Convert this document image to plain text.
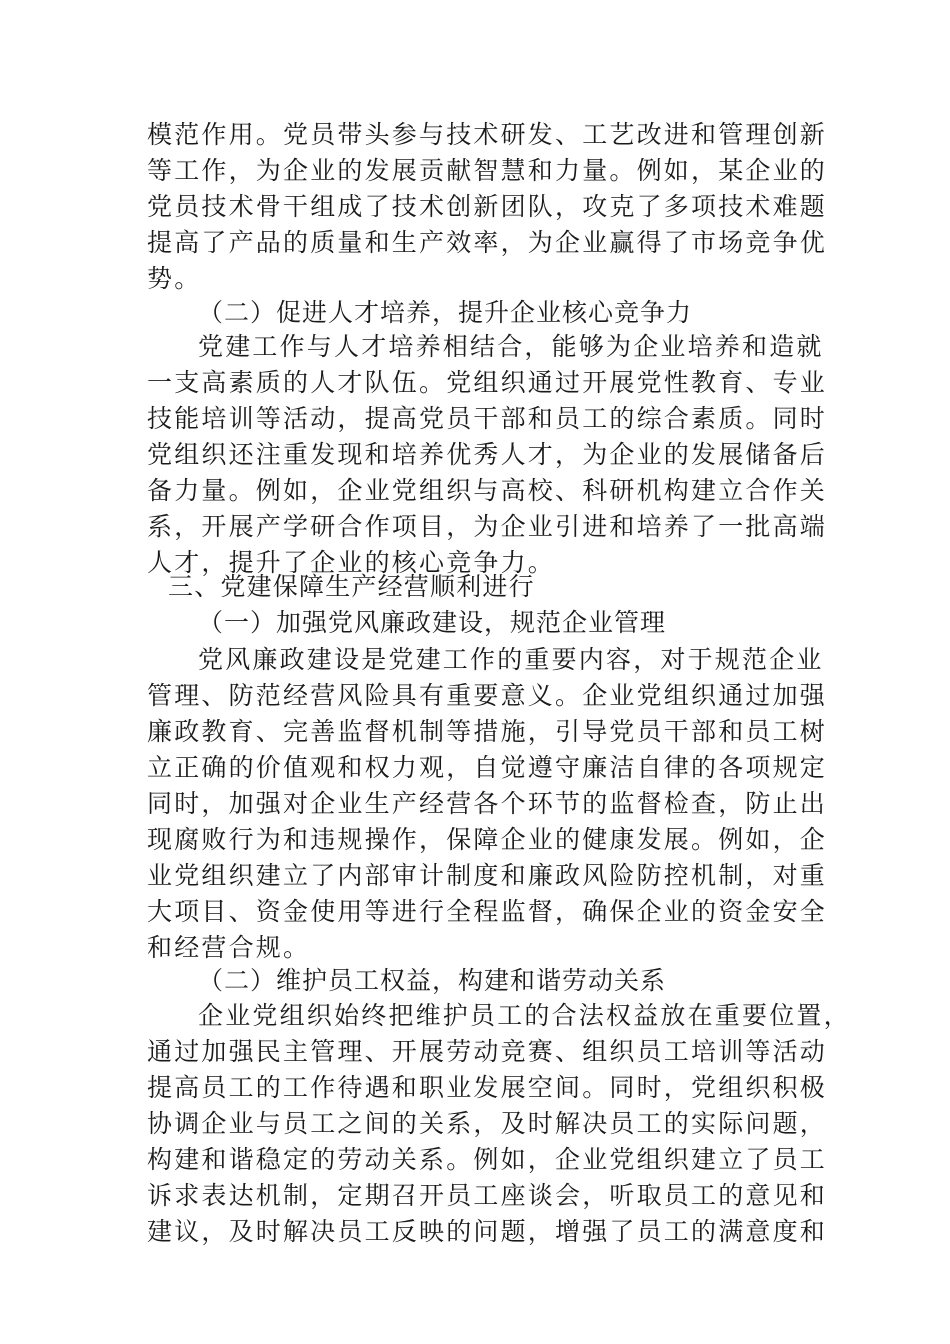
模范作用。党员带头参与技术研发、工艺改进和管理创新
等工作，为企业的发展贡献智慧和力量。例如，某企业的
党员技术骨干组成了技术创新团队，攻克了多项技术难题
提高了产品的质量和生产效率，为企业赢得了市场竞争优
势。
（二）促进人才培养，提升企业核心竞争力
党建工作与人才培养相结合，能够为企业培养和造就
一支高素质的人才队伍。党组织通过开展党性教育、专业
技能培训等活动，提高党员干部和员工的综合素质。同时
党组织还注重发现和培养优秀人才，为企业的发展储备后
备力量。例如，企业党组织与高校、科研机构建立合作关
系，开展产学研合作项目，为企业引进和培养了一批高端
人才，提升了企业的核心竞争力。
三、党建保障生产经营顺利进行
（一）加强党风廉政建设，规范企业管理
党风廉政建设是党建工作的重要内容，对于规范企业
管理、防范经营风险具有重要意义。企业党组织通过加强
廉政教育、完善监督机制等措施，引导党员干部和员工树
立正确的价值观和权力观，自觉遵守廉洁自律的各项规定
同时，加强对企业生产经营各个环节的监督检查，防止出
现腐败行为和违规操作，保障企业的健康发展。例如，企
业党组织建立了内部审计制度和廉政风险防控机制，对重
大项目、资金使用等进行全程监督，确保企业的资金安全
和经营合规。
（二）维护员工权益，构建和谐劳动关系
企业党组织始终把维护员工的合法权益放在重要位置，
通过加强民主管理、开展劳动竞赛、组织员工培训等活动
提高员工的工作待遇和职业发展空间。同时，党组织积极
协调企业与员工之间的关系，及时解决员工的实际问题，
构建和谐稳定的劳动关系。例如，企业党组织建立了员工
诉求表达机制，定期召开员工座谈会，听取员工的意见和
建议，及时解决员工反映的问题，增强了员工的满意度和
